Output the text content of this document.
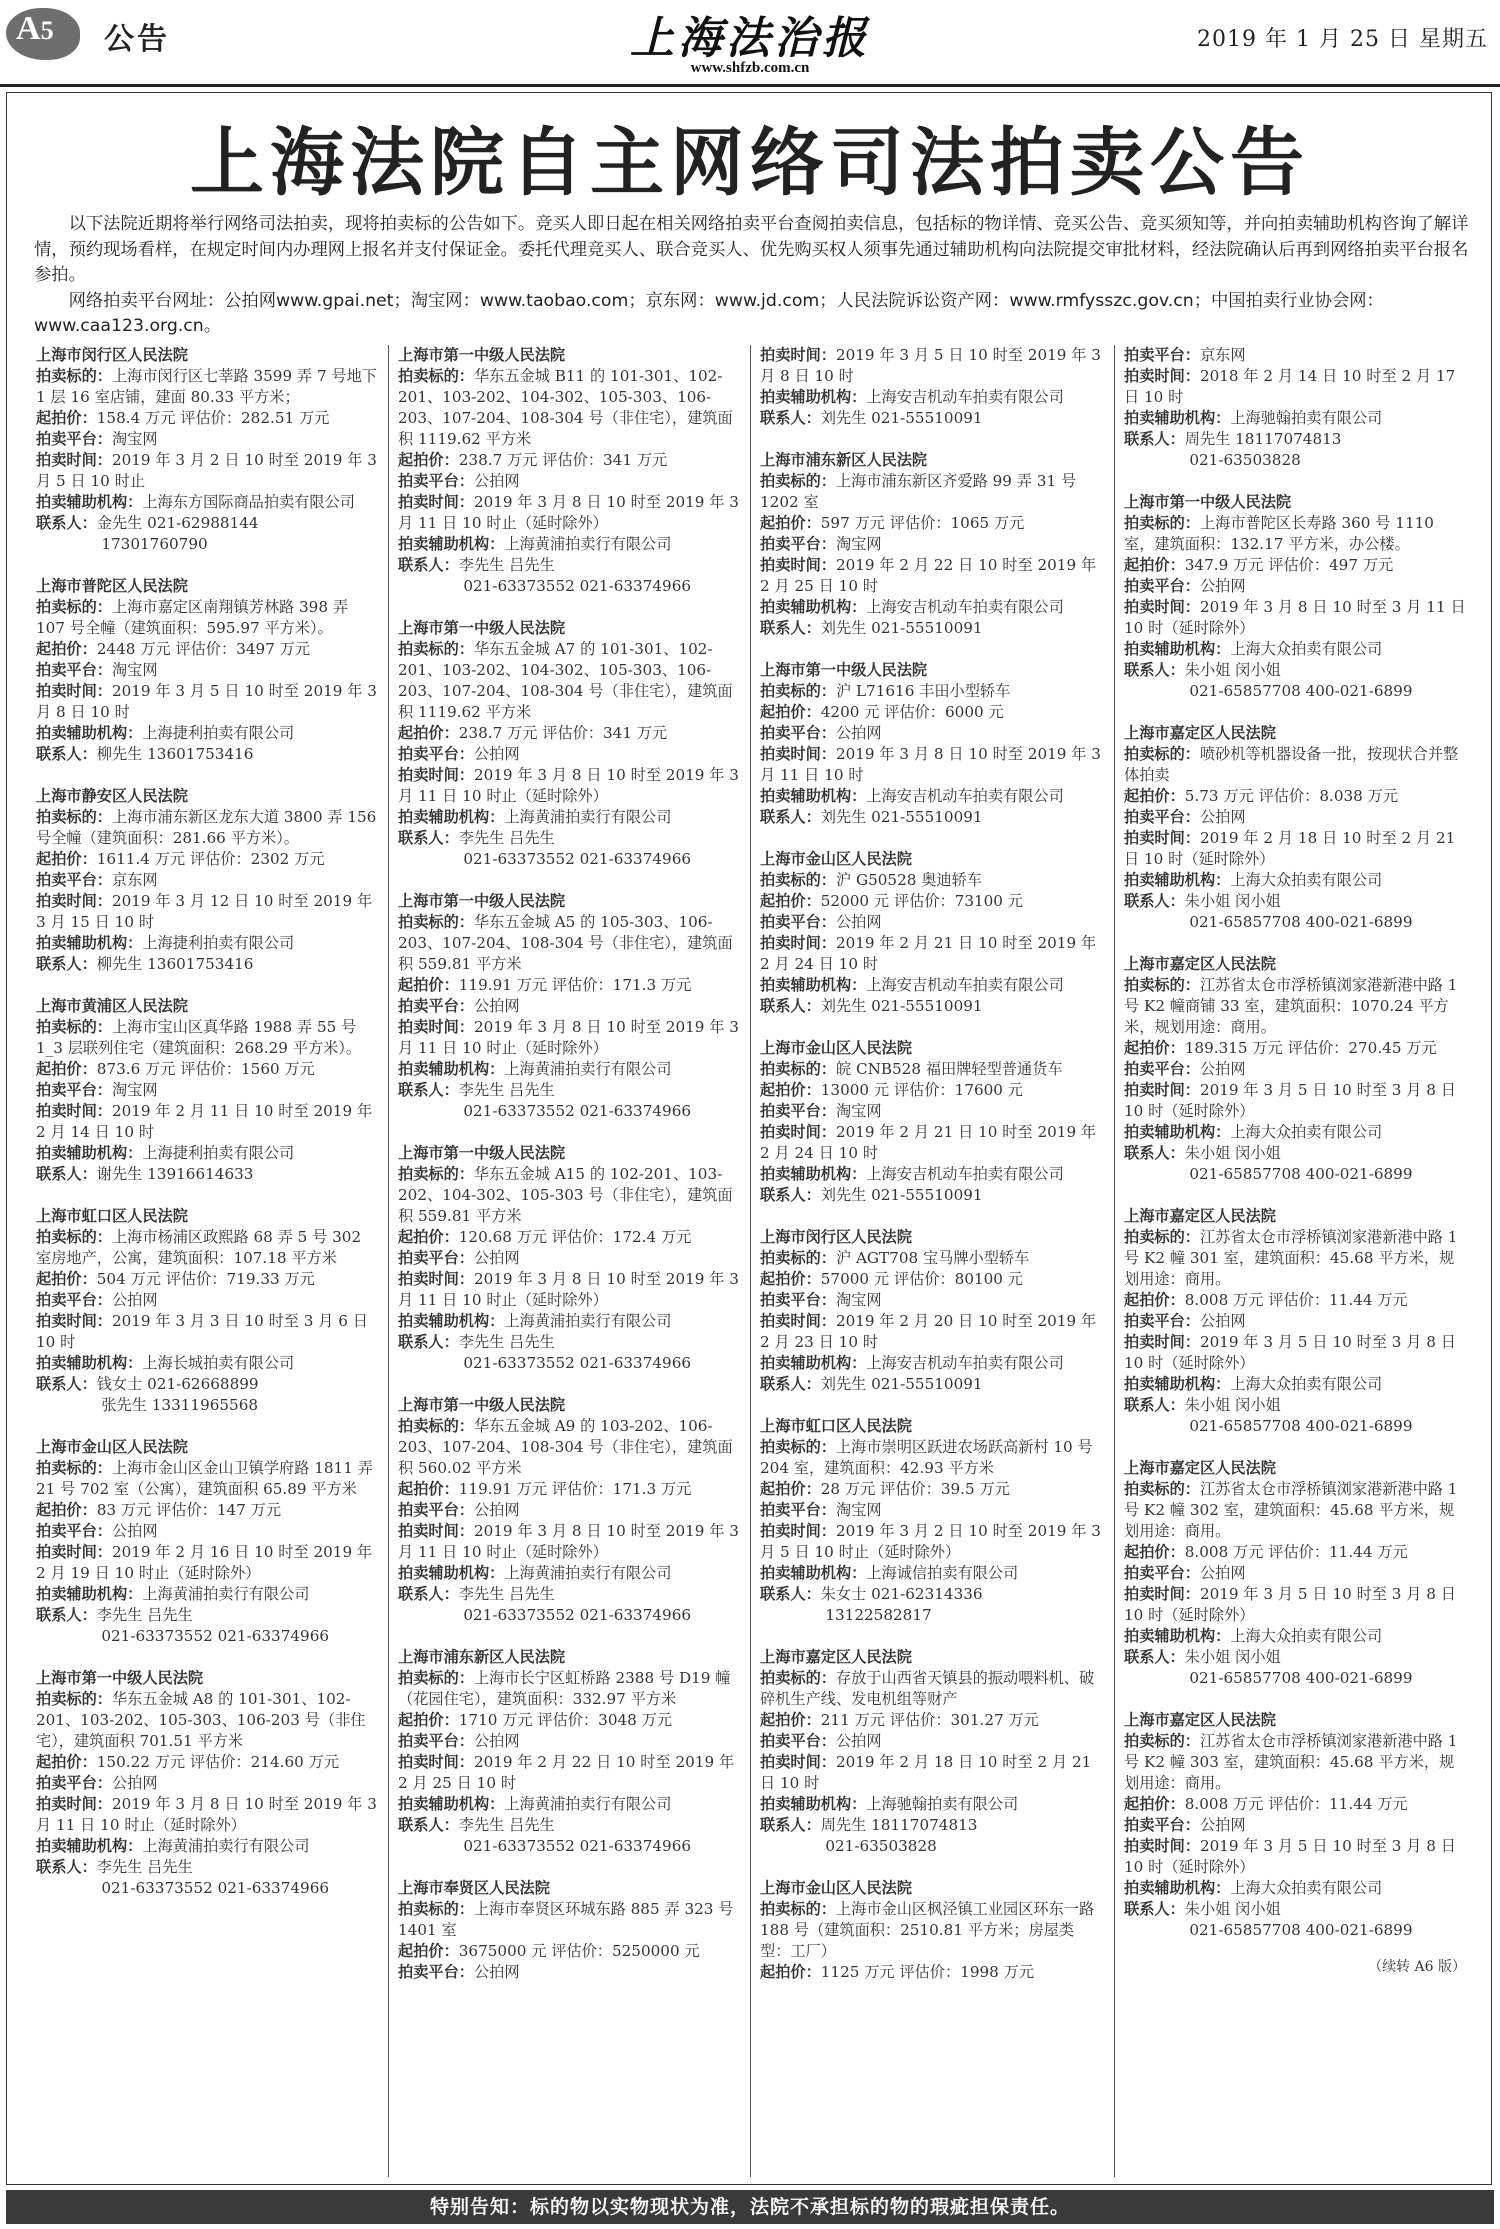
A5 公告	上海法治报
www.shfzb.com.cn
2019 年 1 月 25 日 星期五
上海法院自主网络司法拍卖公告

以下法院近期将举行网络司法拍卖，现将拍卖标的公告如下。竞买人即日起在相关网络拍卖平台查阅拍卖信息，包括标的物详情、竞买公告、竞买须知等，并向拍卖辅助机构咨询了解详情，预约现场看样，在规定时间内办理网上报名并支付保证金。委托代理竞买人、联合竞买人、优先购买权人须事先通过辅助机构向法院提交审批材料，经法院确认后再到网络拍卖平台报名参拍。

网络拍卖平台网址：公拍网www.gpai.net；淘宝网：www.taobao.com；京东网：www.jd.com；人民法院诉讼资产网：www.rmfysszc.gov.cn；中国拍卖行业协会网：www.caa123.org.cn。

上海市闵行区人民法院
拍卖标的：上海市闵行区七莘路 3599 弄 7 号地下 1 层 16 室店铺，建面 80.33 平方米；
起拍价：158.4 万元 评估价：282.51 万元
拍卖平台：淘宝网
拍卖时间：2019 年 3 月 2 日 10 时至 2019 年 3 月 5 日 10 时止
拍卖辅助机构：上海东方国际商品拍卖有限公司
联系人：金先生 021-62988144
17301760790
上海市普陀区人民法院
拍卖标的：上海市嘉定区南翔镇芳林路 398 弄 107 号全幢（建筑面积：595.97 平方米）。
起拍价：2448 万元 评估价：3497 万元
拍卖平台：淘宝网
拍卖时间：2019 年 3 月 5 日 10 时至 2019 年 3 月 8 日 10 时
拍卖辅助机构：上海捷利拍卖有限公司
联系人：柳先生 13601753416
上海市静安区人民法院
拍卖标的：上海市浦东新区龙东大道 3800 弄 156 号全幢（建筑面积：281.66 平方米）。
起拍价：1611.4 万元 评估价：2302 万元
拍卖平台：京东网
拍卖时间：2019 年 3 月 12 日 10 时至 2019 年 3 月 15 日 10 时
拍卖辅助机构：上海捷利拍卖有限公司
联系人：柳先生 13601753416
上海市黄浦区人民法院
拍卖标的：上海市宝山区真华路 1988 弄 55 号 1_3 层联列住宅（建筑面积：268.29 平方米）。
起拍价：873.6 万元 评估价：1560 万元
拍卖平台：淘宝网
拍卖时间：2019 年 2 月 11 日 10 时至 2019 年 2 月 14 日 10 时
拍卖辅助机构：上海捷利拍卖有限公司
联系人：谢先生 13916614633
上海市虹口区人民法院
拍卖标的：上海市杨浦区政熙路 68 弄 5 号 302 室房地产，公寓，建筑面积：107.18 平方米
起拍价：504 万元 评估价：719.33 万元
拍卖平台：公拍网
拍卖时间：2019 年 3 月 3 日 10 时至 3 月 6 日 10 时
拍卖辅助机构：上海长城拍卖有限公司
联系人：钱女士 021-62668899
张先生 13311965568
上海市金山区人民法院
拍卖标的：上海市金山区金山卫镇学府路 1811 弄 21 号 702 室（公寓），建筑面积 65.89 平方米
起拍价：83 万元 评估价：147 万元
拍卖平台：公拍网
拍卖时间：2019 年 2 月 16 日 10 时至 2019 年 2 月 19 日 10 时止（延时除外）
拍卖辅助机构：上海黄浦拍卖行有限公司
联系人：李先生 吕先生
021-63373552 021-63374966
上海市第一中级人民法院
拍卖标的：华东五金城 A8 的 101-301、102-201、103-202、105-303、106-203 号（非住宅），建筑面积 701.51 平方米
起拍价：150.22 万元 评估价：214.60 万元
拍卖平台：公拍网
拍卖时间：2019 年 3 月 8 日 10 时至 2019 年 3 月 11 日 10 时止（延时除外）
拍卖辅助机构：上海黄浦拍卖行有限公司
联系人：李先生 吕先生
021-63373552 021-63374966
上海市第一中级人民法院
拍卖标的：华东五金城 B11 的 101-301、102-201、103-202、104-302、105-303、106-203、107-204、108-304 号（非住宅），建筑面积 1119.62 平方米
起拍价：238.7 万元 评估价：341 万元
拍卖平台：公拍网
拍卖时间：2019 年 3 月 8 日 10 时至 2019 年 3 月 11 日 10 时止（延时除外）
拍卖辅助机构：上海黄浦拍卖行有限公司
联系人：李先生 吕先生
021-63373552 021-63374966
上海市第一中级人民法院
拍卖标的：华东五金城 A7 的 101-301、102-201、103-202、104-302、105-303、106-203、107-204、108-304 号（非住宅），建筑面积 1119.62 平方米
起拍价：238.7 万元 评估价：341 万元
拍卖平台：公拍网
拍卖时间：2019 年 3 月 8 日 10 时至 2019 年 3 月 11 日 10 时止（延时除外）
拍卖辅助机构：上海黄浦拍卖行有限公司
联系人：李先生 吕先生
021-63373552 021-63374966
上海市第一中级人民法院
拍卖标的：华东五金城 A5 的 105-303、106-203、107-204、108-304 号（非住宅），建筑面积 559.81 平方米
起拍价：119.91 万元 评估价：171.3 万元
拍卖平台：公拍网
拍卖时间：2019 年 3 月 8 日 10 时至 2019 年 3 月 11 日 10 时止（延时除外）
拍卖辅助机构：上海黄浦拍卖行有限公司
联系人：李先生 吕先生
021-63373552 021-63374966
上海市第一中级人民法院
拍卖标的：华东五金城 A15 的 102-201、103-202、104-302、105-303 号（非住宅），建筑面积 559.81 平方米
起拍价：120.68 万元 评估价：172.4 万元
拍卖平台：公拍网
拍卖时间：2019 年 3 月 8 日 10 时至 2019 年 3 月 11 日 10 时止（延时除外）
拍卖辅助机构：上海黄浦拍卖行有限公司
联系人：李先生 吕先生
021-63373552 021-63374966
上海市第一中级人民法院
拍卖标的：华东五金城 A9 的 103-202、106-203、107-204、108-304 号（非住宅），建筑面积 560.02 平方米
起拍价：119.91 万元 评估价：171.3 万元
拍卖平台：公拍网
拍卖时间：2019 年 3 月 8 日 10 时至 2019 年 3 月 11 日 10 时止（延时除外）
拍卖辅助机构：上海黄浦拍卖行有限公司
联系人：李先生 吕先生
021-63373552 021-63374966
上海市浦东新区人民法院
拍卖标的：上海市长宁区虹桥路 2388 号 D19 幢（花园住宅），建筑面积：332.97 平方米
起拍价：1710 万元 评估价：3048 万元
拍卖平台：公拍网
拍卖时间：2019 年 2 月 22 日 10 时至 2019 年 2 月 25 日 10 时
拍卖辅助机构：上海黄浦拍卖行有限公司
联系人：李先生 吕先生
021-63373552 021-63374966
上海市奉贤区人民法院
拍卖标的：上海市奉贤区环城东路 885 弄 323 号 1401 室
起拍价：3675000 元 评估价：5250000 元
拍卖平台：公拍网
拍卖时间：2019 年 3 月 5 日 10 时至 2019 年 3 月 8 日 10 时
拍卖辅助机构：上海安吉机动车拍卖有限公司
联系人：刘先生 021-55510091
上海市浦东新区人民法院
拍卖标的：上海市浦东新区齐爱路 99 弄 31 号 1202 室
起拍价：597 万元 评估价：1065 万元
拍卖平台：淘宝网
拍卖时间：2019 年 2 月 22 日 10 时至 2019 年 2 月 25 日 10 时
拍卖辅助机构：上海安吉机动车拍卖有限公司
联系人：刘先生 021-55510091
上海市第一中级人民法院
拍卖标的：沪 L71616 丰田小型轿车
起拍价：4200 元 评估价：6000 元
拍卖平台：公拍网
拍卖时间：2019 年 3 月 8 日 10 时至 2019 年 3 月 11 日 10 时
拍卖辅助机构：上海安吉机动车拍卖有限公司
联系人：刘先生 021-55510091
上海市金山区人民法院
拍卖标的：沪 G50528 奥迪轿车
起拍价：52000 元 评估价：73100 元
拍卖平台：公拍网
拍卖时间：2019 年 2 月 21 日 10 时至 2019 年 2 月 24 日 10 时
拍卖辅助机构：上海安吉机动车拍卖有限公司
联系人：刘先生 021-55510091
上海市金山区人民法院
拍卖标的：皖 CNB528 福田牌轻型普通货车
起拍价：13000 元 评估价：17600 元
拍卖平台：淘宝网
拍卖时间：2019 年 2 月 21 日 10 时至 2019 年 2 月 24 日 10 时
拍卖辅助机构：上海安吉机动车拍卖有限公司
联系人：刘先生 021-55510091
上海市闵行区人民法院
拍卖标的：沪 AGT708 宝马牌小型轿车
起拍价：57000 元 评估价：80100 元
拍卖平台：淘宝网
拍卖时间：2019 年 2 月 20 日 10 时至 2019 年 2 月 23 日 10 时
拍卖辅助机构：上海安吉机动车拍卖有限公司
联系人：刘先生 021-55510091
上海市虹口区人民法院
拍卖标的：上海市崇明区跃进农场跃高新村 10 号 204 室，建筑面积：42.93 平方米
起拍价：28 万元 评估价：39.5 万元
拍卖平台：淘宝网
拍卖时间：2019 年 3 月 2 日 10 时至 2019 年 3 月 5 日 10 时止（延时除外）
拍卖辅助机构：上海诚信拍卖有限公司
联系人：朱女士 021-62314336
13122582817
上海市嘉定区人民法院
拍卖标的：存放于山西省天镇县的振动喂料机、破碎机生产线、发电机组等财产
起拍价：211 万元 评估价：301.27 万元
拍卖平台：公拍网
拍卖时间：2019 年 2 月 18 日 10 时至 2 月 21 日 10 时
拍卖辅助机构：上海驰翰拍卖有限公司
联系人：周先生 18117074813
021-63503828
上海市金山区人民法院
拍卖标的：上海市金山区枫泾镇工业园区环东一路 188 号（建筑面积：2510.81 平方米；房屋类型：工厂）
起拍价：1125 万元 评估价：1998 万元
拍卖平台：京东网
拍卖时间：2018 年 2 月 14 日 10 时至 2 月 17 日 10 时
拍卖辅助机构：上海驰翰拍卖有限公司
联系人：周先生 18117074813
021-63503828
上海市第一中级人民法院
拍卖标的：上海市普陀区长寿路 360 号 1110 室，建筑面积：132.17 平方米，办公楼。
起拍价：347.9 万元 评估价：497 万元
拍卖平台：公拍网
拍卖时间：2019 年 3 月 8 日 10 时至 3 月 11 日 10 时（延时除外）
拍卖辅助机构：上海大众拍卖有限公司
联系人：朱小姐 闵小姐
021-65857708 400-021-6899
上海市嘉定区人民法院
拍卖标的：喷砂机等机器设备一批，按现状合并整体拍卖
起拍价：5.73 万元 评估价：8.038 万元
拍卖平台：公拍网
拍卖时间：2019 年 2 月 18 日 10 时至 2 月 21 日 10 时（延时除外）
拍卖辅助机构：上海大众拍卖有限公司
联系人：朱小姐 闵小姐
021-65857708 400-021-6899
上海市嘉定区人民法院
拍卖标的：江苏省太仓市浮桥镇浏家港新港中路 1 号 K2 幢商铺 33 室，建筑面积：1070.24 平方米，规划用途：商用。
起拍价：189.315 万元 评估价：270.45 万元
拍卖平台：公拍网
拍卖时间：2019 年 3 月 5 日 10 时至 3 月 8 日 10 时（延时除外）
拍卖辅助机构：上海大众拍卖有限公司
联系人：朱小姐 闵小姐
021-65857708 400-021-6899
上海市嘉定区人民法院
拍卖标的：江苏省太仓市浮桥镇浏家港新港中路 1 号 K2 幢 301 室，建筑面积：45.68 平方米，规划用途：商用。
起拍价：8.008 万元 评估价：11.44 万元
拍卖平台：公拍网
拍卖时间：2019 年 3 月 5 日 10 时至 3 月 8 日 10 时（延时除外）
拍卖辅助机构：上海大众拍卖有限公司
联系人：朱小姐 闵小姐
021-65857708 400-021-6899
上海市嘉定区人民法院
拍卖标的：江苏省太仓市浮桥镇浏家港新港中路 1 号 K2 幢 302 室，建筑面积：45.68 平方米，规划用途：商用。
起拍价：8.008 万元 评估价：11.44 万元
拍卖平台：公拍网
拍卖时间：2019 年 3 月 5 日 10 时至 3 月 8 日 10 时（延时除外）
拍卖辅助机构：上海大众拍卖有限公司
联系人：朱小姐 闵小姐
021-65857708 400-021-6899
上海市嘉定区人民法院
拍卖标的：江苏省太仓市浮桥镇浏家港新港中路 1 号 K2 幢 303 室，建筑面积：45.68 平方米，规划用途：商用。
起拍价：8.008 万元 评估价：11.44 万元
拍卖平台：公拍网
拍卖时间：2019 年 3 月 5 日 10 时至 3 月 8 日 10 时（延时除外）
拍卖辅助机构：上海大众拍卖有限公司
联系人：朱小姐 闵小姐
021-65857708 400-021-6899
（续转 A6 版）
特别告知：标的物以实物现状为准，法院不承担标的物的瑕疵担保责任。
